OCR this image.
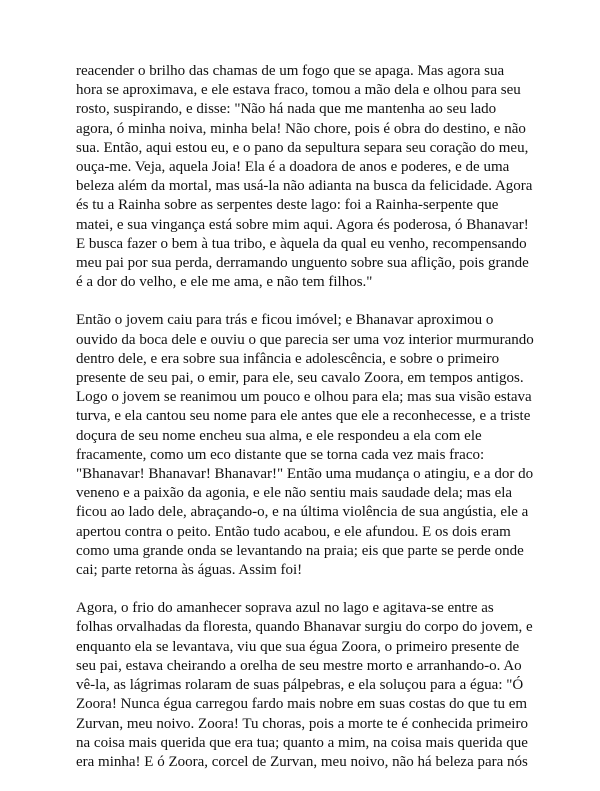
reacender o brilho das chamas de um fogo que se apaga. Mas agora sua
hora se aproximava, e ele estava fraco, tomou a mão dela e olhou para seu
rosto, suspirando, e disse: "Não há nada que me mantenha ao seu lado
agora, ó minha noiva, minha bela! Não chore, pois é obra do destino, e não
sua. Então, aqui estou eu, e o pano da sepultura separa seu coração do meu,
ouça-me. Veja, aquela Joia! Ela é a doadora de anos e poderes, e de uma
beleza além da mortal, mas usá-la não adianta na busca da felicidade. Agora
és tu a Rainha sobre as serpentes deste lago: foi a Rainha-serpente que
matei, e sua vingança está sobre mim aqui. Agora és poderosa, ó Bhanavar!
E busca fazer o bem à tua tribo, e àquela da qual eu venho, recompensando
meu pai por sua perda, derramando unguento sobre sua aflição, pois grande
é a dor do velho, e ele me ama, e não tem filhos."

Então o jovem caiu para trás e ficou imóvel; e Bhanavar aproximou o
ouvido da boca dele e ouviu o que parecia ser uma voz interior murmurando
dentro dele, e era sobre sua infância e adolescência, e sobre o primeiro
presente de seu pai, o emir, para ele, seu cavalo Zoora, em tempos antigos.
Logo o jovem se reanimou um pouco e olhou para ela; mas sua visão estava
turva, e ela cantou seu nome para ele antes que ele a reconhecesse, e a triste
doçura de seu nome encheu sua alma, e ele respondeu a ela com ele
fracamente, como um eco distante que se torna cada vez mais fraco:
"Bhanavar! Bhanavar! Bhanavar!" Então uma mudança o atingiu, e a dor do
veneno e a paixão da agonia, e ele não sentiu mais saudade dela; mas ela
ficou ao lado dele, abraçando-o, e na última violência de sua angústia, ele a
apertou contra o peito. Então tudo acabou, e ele afundou. E os dois eram
como uma grande onda se levantando na praia; eis que parte se perde onde
cai; parte retorna às águas. Assim foi!

Agora, o frio do amanhecer soprava azul no lago e agitava-se entre as
folhas orvalhadas da floresta, quando Bhanavar surgiu do corpo do jovem, e
enquanto ela se levantava, viu que sua égua Zoora, o primeiro presente de
seu pai, estava cheirando a orelha de seu mestre morto e arranhando-o. Ao
vê-la, as lágrimas rolaram de suas pálpebras, e ela soluçou para a égua: "Ó
Zoora! Nunca égua carregou fardo mais nobre em suas costas do que tu em
Zurvan, meu noivo. Zoora! Tu choras, pois a morte te é conhecida primeiro
na coisa mais querida que era tua; quanto a mim, na coisa mais querida que
era minha! E ó Zoora, corcel de Zurvan, meu noivo, não há beleza para nós
